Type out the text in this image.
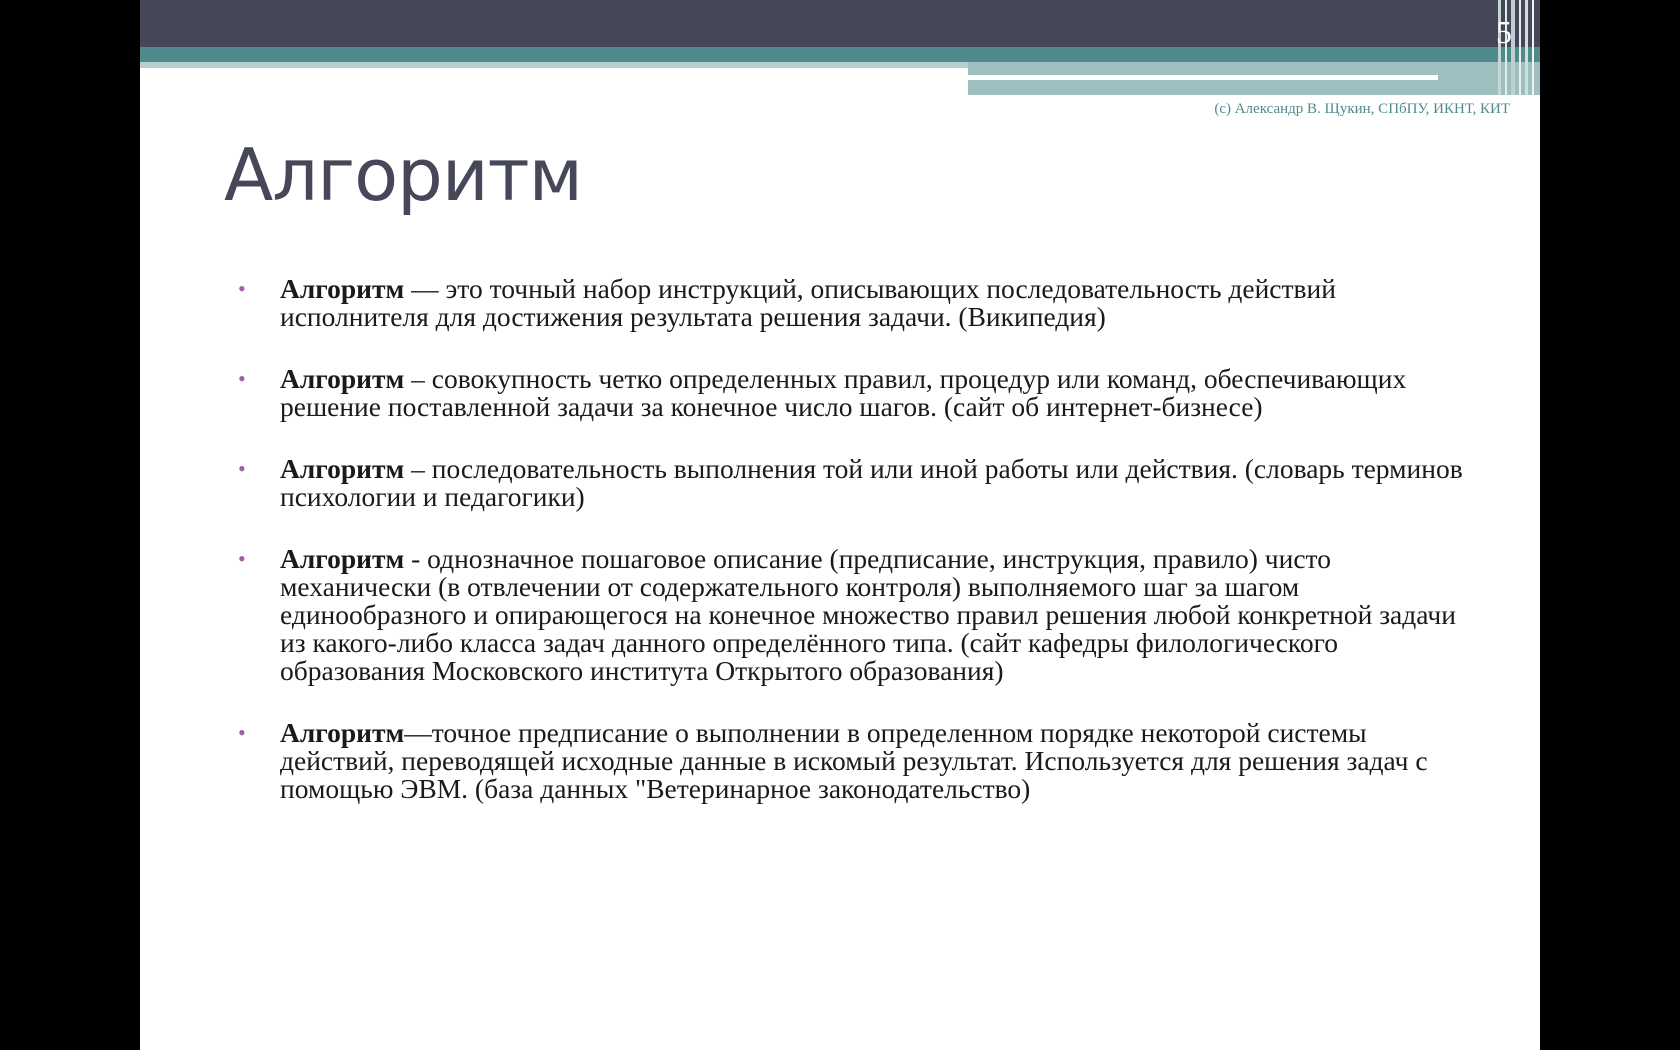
5
(с) Александр В. Щукин, СПбПУ, ИКНТ, КИТ
Алгоритм
• Алгоритм — это точный набор инструкций, описывающих последовательность действий исполнителя для достижения результата решения задачи. (Википедия)
• Алгоритм – совокупность четко определенных правил, процедур или команд, обеспечивающих решение поставленной задачи за конечное число шагов. (сайт об интернет-бизнесе)
• Алгоритм – последовательность выполнения той или иной работы или действия. (словарь терминов психологии и педагогики)
• Алгоритм - однозначное пошаговое описание (предписание, инструкция, правило) чисто механически (в отвлечении от содержательного контроля) выполняемого шаг за шагом единообразного и опирающегося на конечное множество правил решения любой конкретной задачи из какого-либо класса задач данного определённого типа. (сайт кафедры филологического образования Московского института Открытого образования)
• Алгоритм—точное предписание о выполнении в определенном порядке некоторой системы действий, переводящей исходные данные в искомый результат. Используется для решения задач с помощью ЭВМ. (база данных "Ветеринарное законодательство)
